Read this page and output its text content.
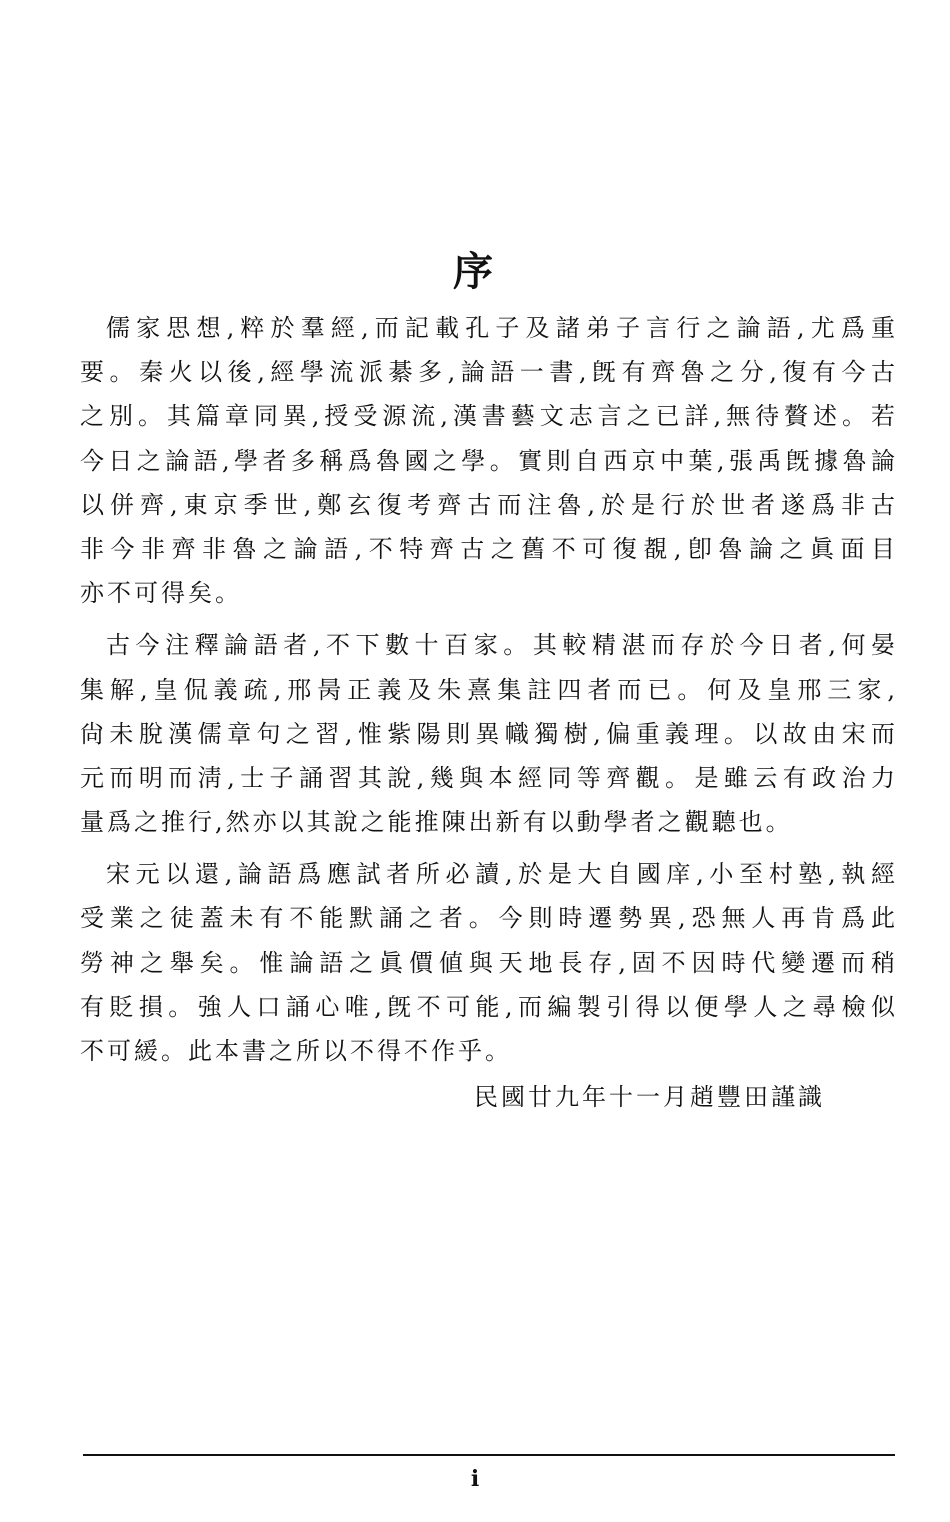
序
儒家思想,粹於羣經,而記載孔子及諸弟子言行之論語,尤爲重
要。秦火以後,經學流派綦多,論語一書,旣有齊魯之分,復有今古
之別。其篇章同異,授受源流,漢書藝文志言之已詳,無待贅述。若
今日之論語,學者多稱爲魯國之學。實則自西京中葉,張禹旣據魯論
以併齊,東京季世,鄭玄復考齊古而注魯,於是行於世者遂爲非古
非今非齊非魯之論語,不特齊古之舊不可復覩,卽魯論之眞面目
亦不可得矣。
古今注釋論語者,不下數十百家。其較精湛而存於今日者,何晏
集解,皇侃義疏,邢昺正義及朱熹集註四者而已。何及皇邢三家,
尙未脫漢儒章句之習,惟紫陽則異幟獨樹,偏重義理。以故由宋而
元而明而淸,士子誦習其說,幾與本經同等齊觀。是雖云有政治力
量爲之推行,然亦以其說之能推陳出新有以動學者之觀聽也。
宋元以還,論語爲應試者所必讀,於是大自國庠,小至村塾,執經
受業之徒蓋未有不能默誦之者。今則時遷勢異,恐無人再肯爲此
勞神之舉矣。惟論語之眞價値與天地長存,固不因時代變遷而稍
有貶損。強人口誦心唯,旣不可能,而編製引得以便學人之尋檢似
不可緩。此本書之所以不得不作乎。
民國廿九年十一月趙豐田謹識
i
